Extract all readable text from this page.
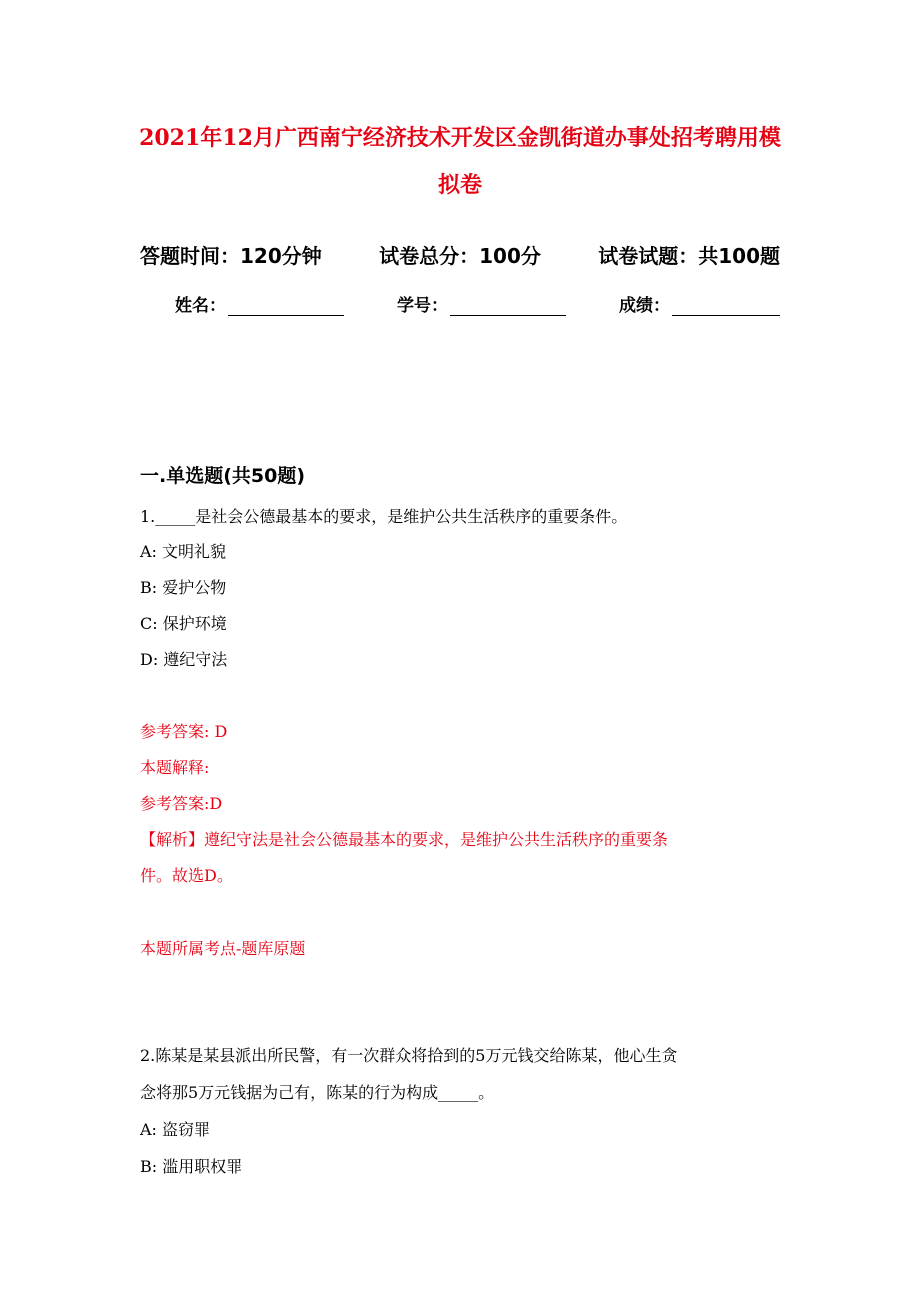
2021年12月广西南宁经济技术开发区金凯街道办事处招考聘用模
拟卷
答题时间：120分钟	试卷总分：100分	试卷试题：共100题
姓名：	学号：	成绩：
一.单选题(共50题)
1._____是社会公德最基本的要求，是维护公共生活秩序的重要条件。
A: 文明礼貌
B: 爱护公物
C: 保护环境
D: 遵纪守法
参考答案: D
本题解释:
参考答案:D
【解析】遵纪守法是社会公德最基本的要求，是维护公共生活秩序的重要条
件。故选D。
本题所属考点-题库原题
2.陈某是某县派出所民警，有一次群众将拾到的5万元钱交给陈某，他心生贪
念将那5万元钱据为己有，陈某的行为构成_____。
A: 盗窃罪
B: 滥用职权罪
